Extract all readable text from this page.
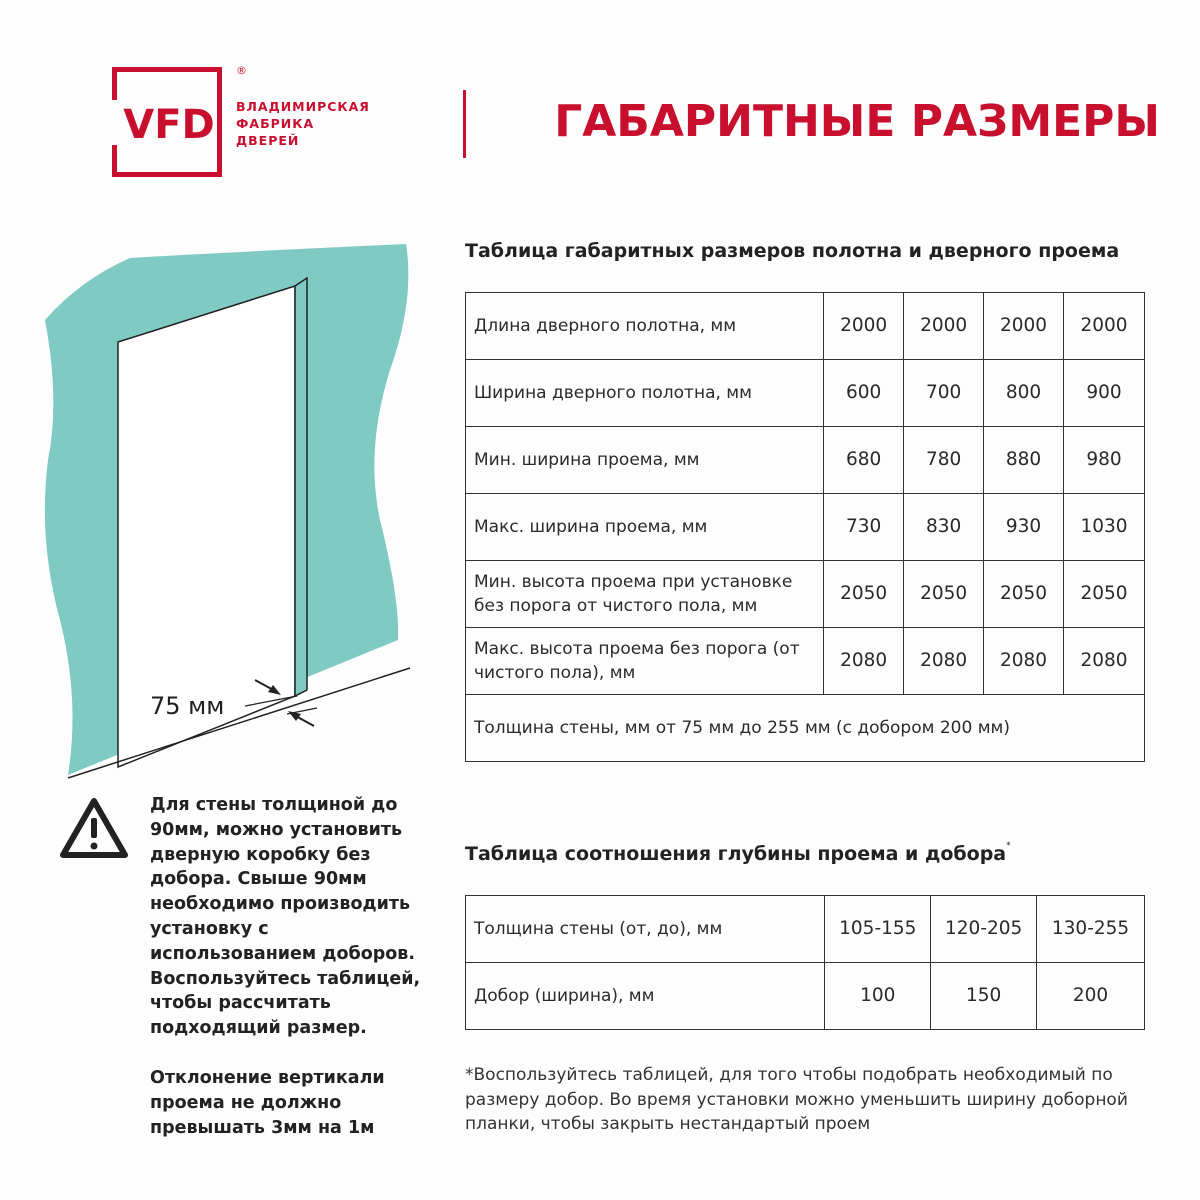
VFD
®
ВЛАДИМИРСКАЯ
ФАБРИКА
ДВЕРЕЙ	ГАБАРИТНЫЕ РАЗМЕРЫ
75 мм

Для стены толщиной до 90мм, можно установить дверную коробку без добора. Свыше 90мм необходимо производить установку с использованием доборов. Воспользуйтесь таблицей, чтобы рассчитать подходящий размер.

Отклонение вертикали проема не должно превышать 3мм на 1м

Таблица габаритных размеров полотна и дверного проема
Длина дверного полотна, мм	2000	2000	2000	2000
Ширина дверного полотна, мм	600	700	800	900
Мин. ширина проема, мм	680	780	880	980
Макс. ширина проема, мм	730	830	930	1030
Мин. высота проема при установке без порога от чистого пола, мм	2050	2050	2050	2050
Макс. высота проема без порога (от чистого пола), мм	2080	2080	2080	2080
Толщина стены, мм от 75 мм до 255 мм (с добором 200 мм)				
Таблица соотношения глубины проема и добора*
Толщина стены (от, до), мм	105-155	120-205	130-255
Добор (ширина), мм	100	150	200
*Воспользуйтесь таблицей, для того чтобы подобрать необходимый по размеру добор. Во время установки можно уменьшить ширину доборной планки, чтобы закрыть нестандартый проем
